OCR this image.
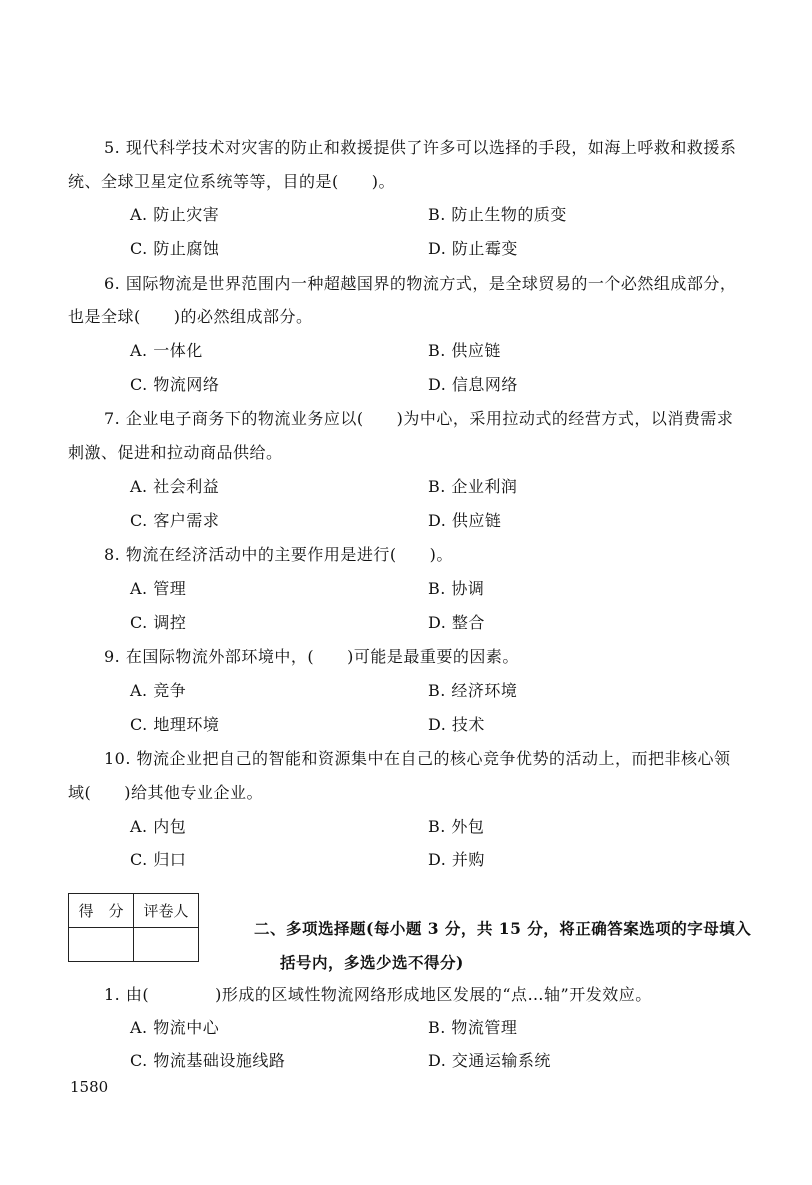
5. 现代科学技术对灾害的防止和救援提供了许多可以选择的手段，如海上呼救和救援系
统、全球卫星定位系统等等，目的是(　　)。
A. 防止灾害	B. 防止生物的质变
C. 防止腐蚀	D. 防止霉变
6. 国际物流是世界范围内一种超越国界的物流方式，是全球贸易的一个必然组成部分，
也是全球(　　)的必然组成部分。
A. 一体化	B. 供应链
C. 物流网络	D. 信息网络
7. 企业电子商务下的物流业务应以(　　)为中心，采用拉动式的经营方式，以消费需求
刺激、促进和拉动商品供给。
A. 社会利益	B. 企业利润
C. 客户需求	D. 供应链
8. 物流在经济活动中的主要作用是进行(　　)。
A. 管理	B. 协调
C. 调控	D. 整合
9. 在国际物流外部环境中，(　　)可能是最重要的因素。
A. 竞争	B. 经济环境
C. 地理环境	D. 技术
10. 物流企业把自己的智能和资源集中在自己的核心竞争优势的活动上，而把非核心领
域(　　)给其他专业企业。
A. 内包	B. 外包
C. 归口	D. 并购
得　分	评卷人

二、多项选择题(每小题 3 分，共 15 分，将正确答案选项的字母填入
括号内，多选少选不得分)
1. 由(　　　　)形成的区域性物流网络形成地区发展的“点…轴”开发效应。
A. 物流中心	B. 物流管理
C. 物流基础设施线路	D. 交通运输系统
1580
